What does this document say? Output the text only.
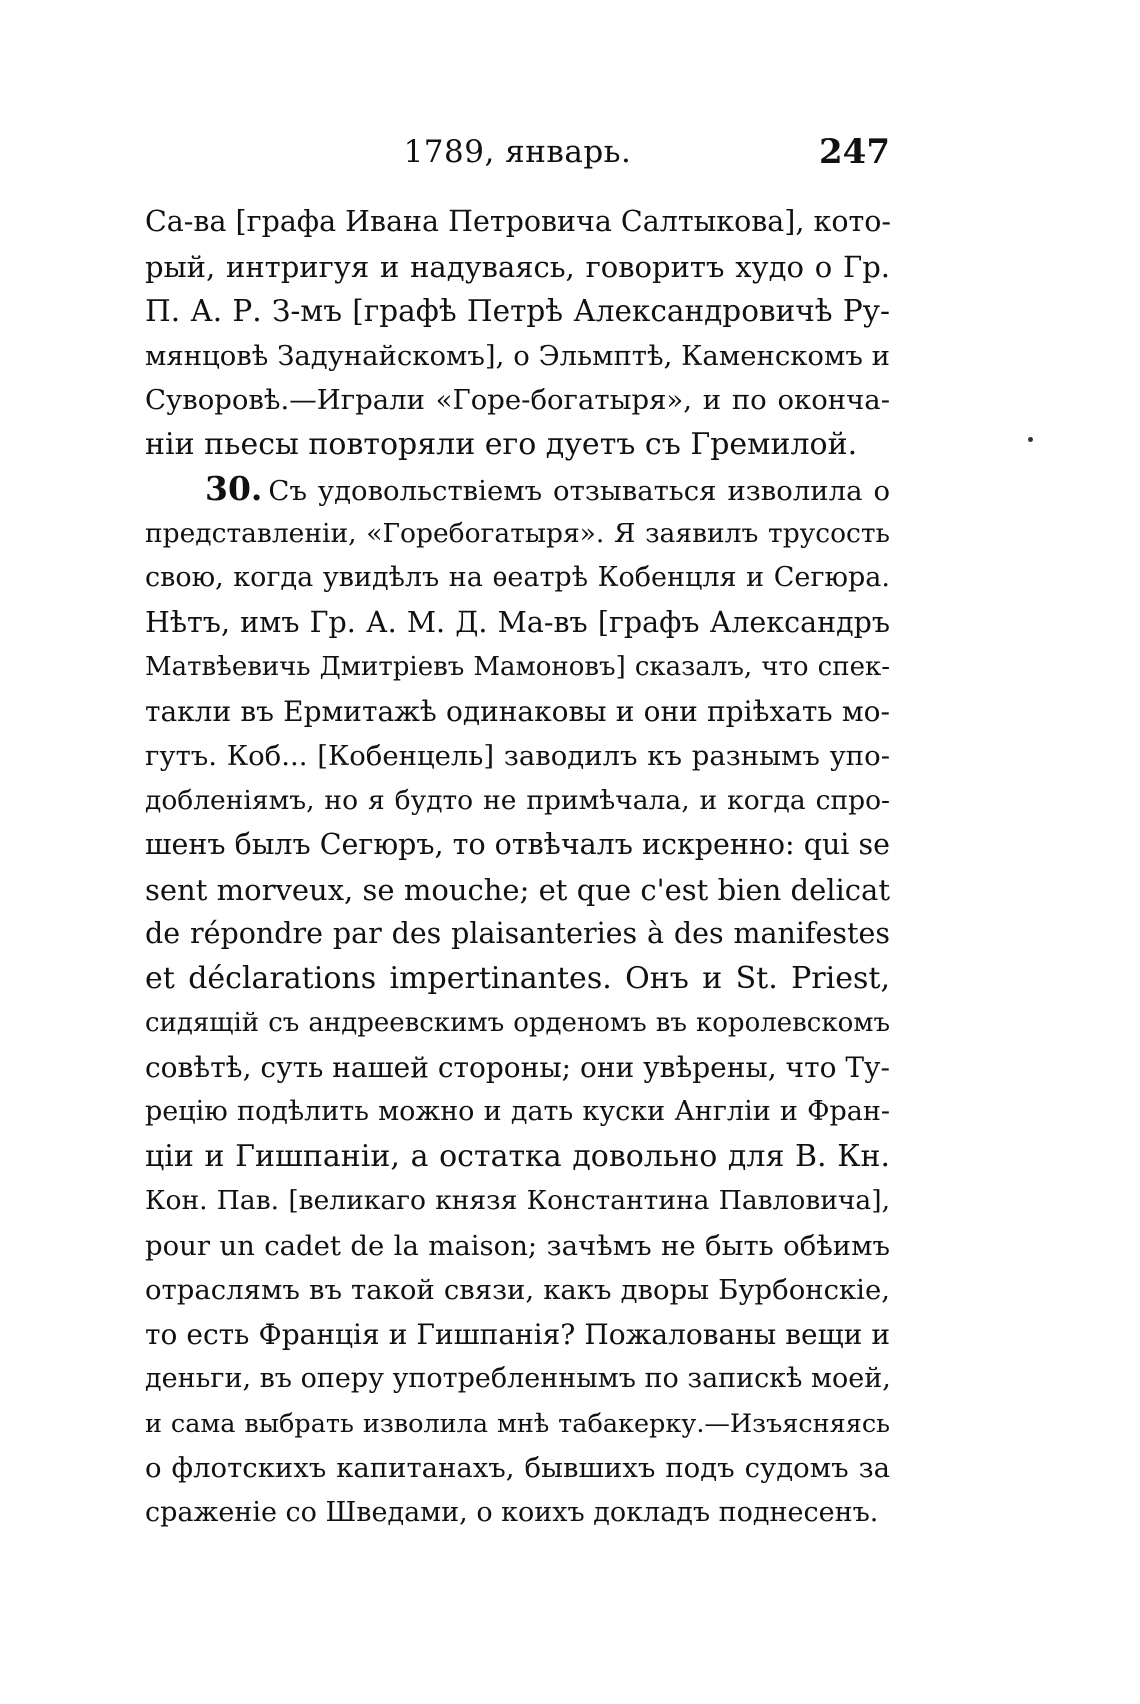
1789, январь.	247
Са-ва [графа Ивана Петровича Салтыкова], кото-
рый, интригуя и надуваясь, говоритъ худо о Гр.
П. А. Р. З-мъ [графѣ Петрѣ Александровичѣ Ру-
мянцовѣ Задунайскомъ], о Эльмптѣ, Каменскомъ и
Суворовѣ.—Играли «Горе-богатыря», и по окончa-
ніи пьесы повторяли его дуетъ съ Гремилой.
30. Съ удовольствіемъ отзываться изволила о
представленіи, «Горебогатыря». Я заявилъ трусость
свою, когда увидѣлъ на ѳеатрѣ Кобенцля и Сегюра.
Нѣтъ, имъ Гр. А. М. Д. Ма-въ [графъ Александръ
Матвѣевичь Дмитріевъ Мамоновъ] сказалъ, что спек-
такли въ Ермитажѣ одинаковы и они пріѣхать мо-
гутъ. Коб... [Кобенцель] заводилъ къ разнымъ упо-
добленіямъ, но я будто не примѣчала, и когда спро-
шенъ былъ Сегюръ, то отвѣчалъ искренно: qui se
sent morveux, se mouche; et que c'est bien delicat
de répondre par des plaisanteries à des manifestes
et déclarations impertinantes. Онъ и St. Priest,
сидящій съ андреевскимъ орденомъ въ королевскомъ
совѣтѣ, суть нашей стороны; они увѣрены, что Ту-
рецію подѣлить можно и дать куски Англіи и Фран-
ціи и Гишпаніи, а остатка довольно для В. Кн.
Кон. Пав. [великаго князя Константина Павловича],
pour un cadet de la maison; зачѣмъ не быть обѣимъ
отраслямъ въ такой связи, какъ дворы Бурбонскіе,
то есть Францiя и Гишпанія? Пожалованы вещи и
деньги, въ оперу употребленнымъ по запискѣ моей,
и сама выбрать изволила мнѣ табакерку.—Изъясняясь
о флотскихъ капитанахъ, бывшихъ подъ судомъ за
сраженіе со Шведами, о коихъ докладъ поднесенъ.
